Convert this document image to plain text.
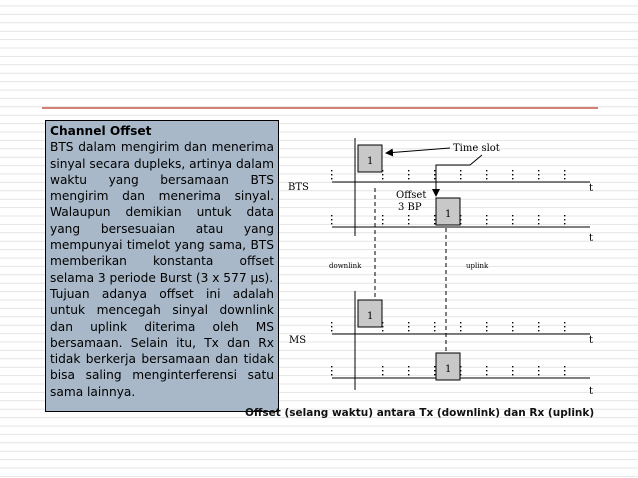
Channel Offset

BTS dalam mengirim dan menerima sinyal secara dupleks, artinya dalam waktu yang bersamaan BTS mengirim dan menerima sinyal. Walaupun demikian untuk data yang bersesuaian atau yang mempunyai timelot yang sama, BTS memberikan konstanta offset selama 3 periode Burst (3 x 577 µs).

Tujuan adanya offset ini adalah untuk mencegah sinyal downlink dan uplink diterima oleh MS bersamaan. Selain itu, Tx dan Rx tidak berkerja bersamaan dan tidak bisa saling menginterferensi satu sama lainnya.

1
1
1
1
Time slot
Offset
3 BP
downlink	uplink
BTS
MS
t
t
t
t
Offset (selang waktu) antara Tx (downlink) dan Rx (uplink)
